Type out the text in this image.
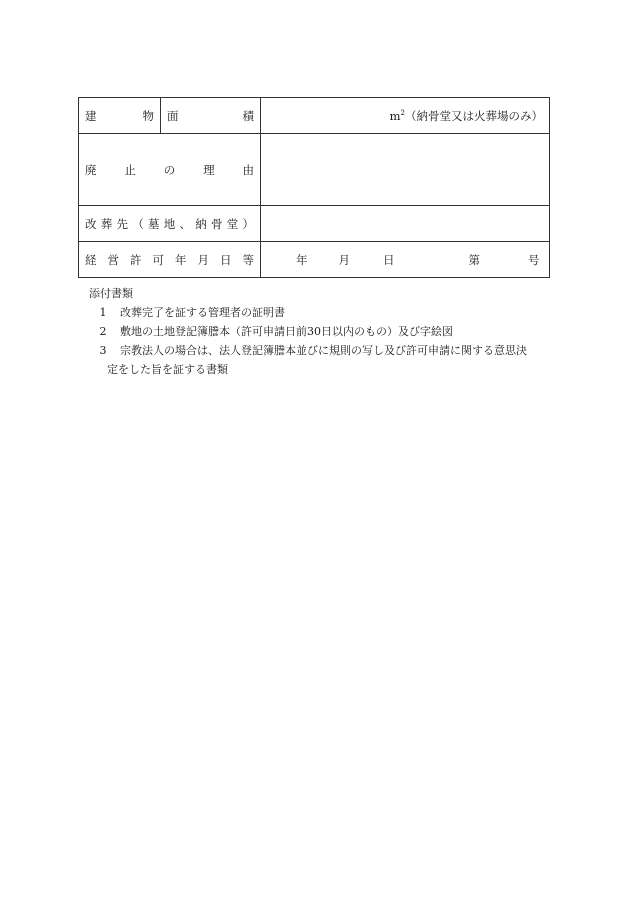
建物	面積	$m^2$（納骨堂又は火葬場のみ）
廃止の理由		
改葬先（墓地、納骨堂）		
経営許可年月日等		年 月 日 第 号

添付書類

1	改葬完了を証する管理者の証明書
2	敷地の土地登記簿謄本（許可申請日前30日以内のもの）及び字絵図
3	宗教法人の場合は、法人登記簿謄本並びに規則の写し及び許可申請に関する意思決

定をした旨を証する書類
